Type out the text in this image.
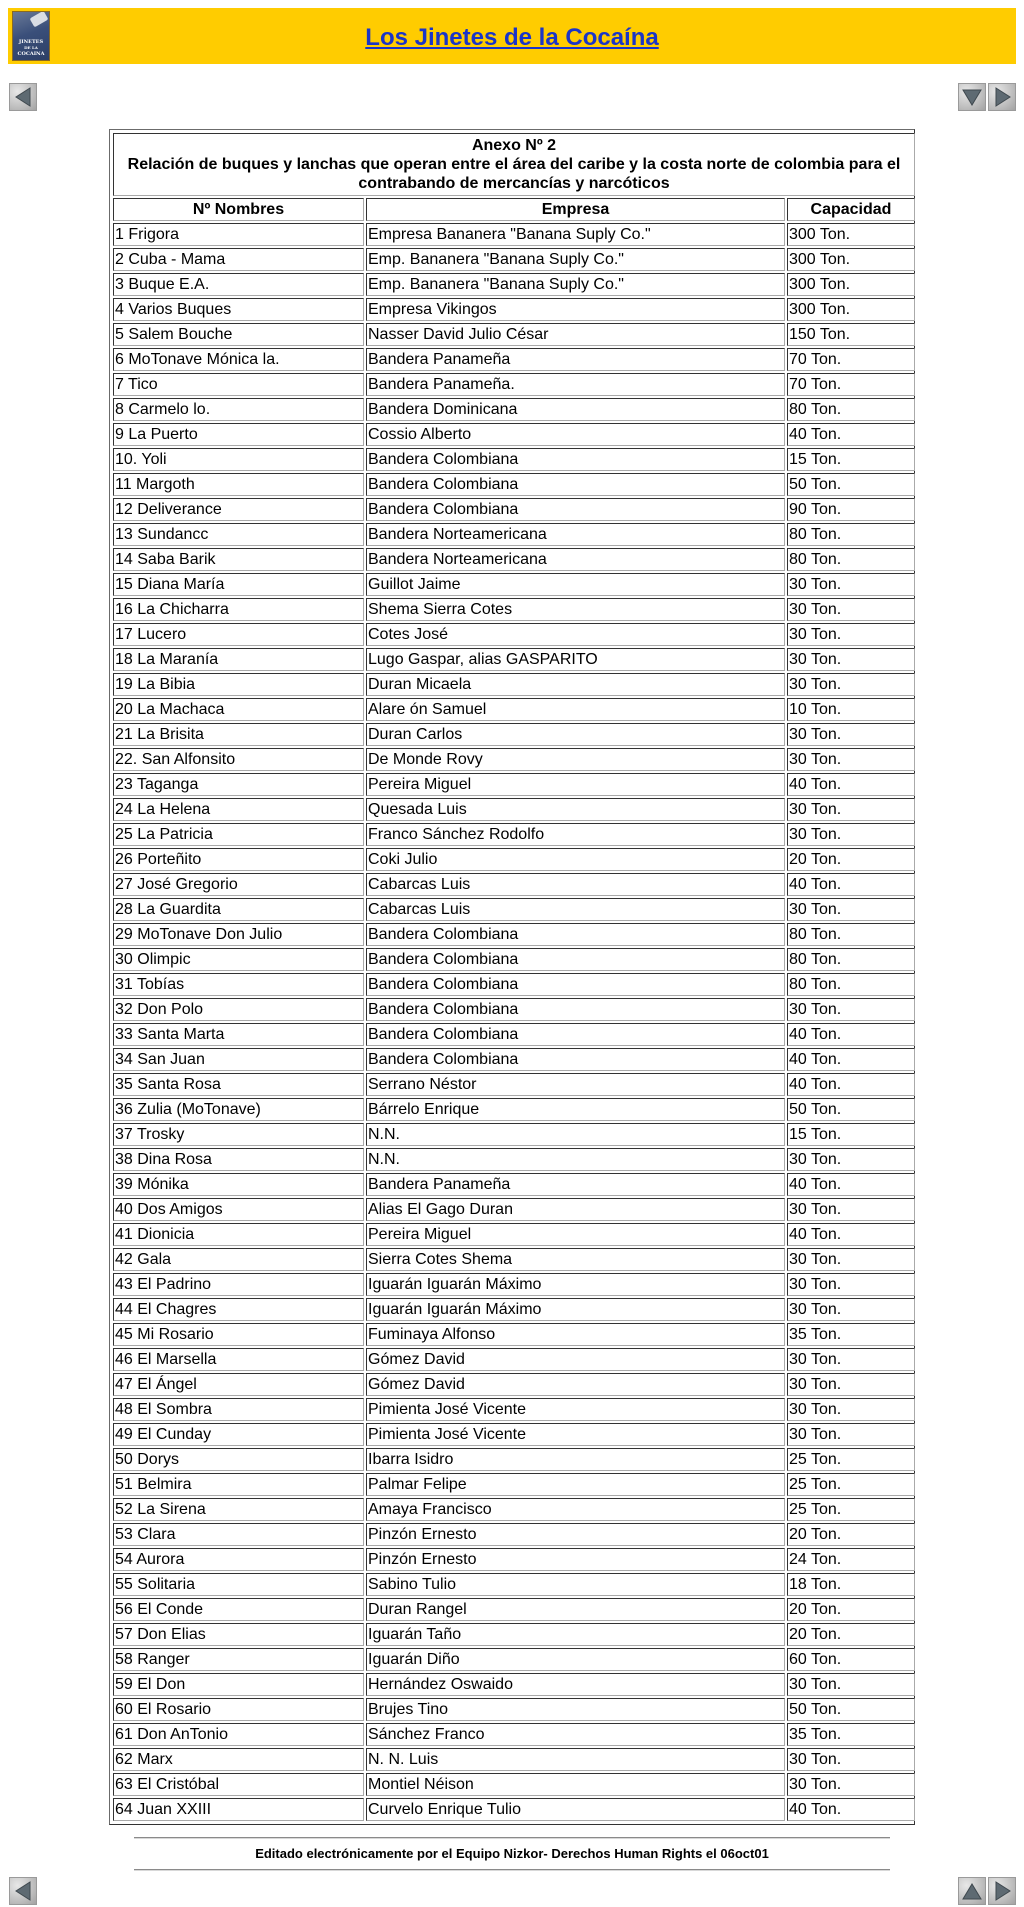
JINETES
DE LA
COCAINA
Los Jinetes de la Cocaína
Anexo Nº 2
Relación de buques y lanchas que operan entre el área del caribe y la costa norte de colombia para el contrabando de mercancías y narcóticos		

Nº Nombres	Empresa	Capacidad
1 Frigora	Empresa Bananera "Banana Suply Co."	300 Ton.
2 Cuba - Mama	Emp. Bananera "Banana Suply Co."	300 Ton.
3 Buque E.A.	Emp. Bananera "Banana Suply Co."	300 Ton.
4 Varios Buques	Empresa Vikingos	300 Ton.
5 Salem Bouche	Nasser David Julio César	150 Ton.
6 MoTonave Mónica la.	Bandera Panameña	70 Ton.
7 Tico	Bandera Panameña.	70 Ton.
8 Carmelo lo.	Bandera Dominicana	80 Ton.
9 La Puerto	Cossio Alberto	40 Ton.
10. Yoli	Bandera Colombiana	15 Ton.
11 Margoth	Bandera Colombiana	50 Ton.
12 Deliverance	Bandera Colombiana	90 Ton.
13 Sundancc	Bandera Norteamericana	80 Ton.
14 Saba Barik	Bandera Norteamericana	80 Ton.
15 Diana María	Guillot Jaime	30 Ton.
16 La Chicharra	Shema Sierra Cotes	30 Ton.
17 Lucero	Cotes José	30 Ton.
18 La Maranía	Lugo Gaspar, alias GASPARITO	30 Ton.
19 La Bibia	Duran Micaela	30 Ton.
20 La Machaca	Alare ón Samuel	10 Ton.
21 La Brisita	Duran Carlos	30 Ton.
22. San Alfonsito	De Monde Rovy	30 Ton.
23 Taganga	Pereira Miguel	40 Ton.
24 La Helena	Quesada Luis	30 Ton.
25 La Patricia	Franco Sánchez Rodolfo	30 Ton.
26 Porteñito	Coki Julio	20 Ton.
27 José Gregorio	Cabarcas Luis	40 Ton.
28 La Guardita	Cabarcas Luis	30 Ton.
29 MoTonave Don Julio	Bandera Colombiana	80 Ton.
30 Olimpic	Bandera Colombiana	80 Ton.
31 Tobías	Bandera Colombiana	80 Ton.
32 Don Polo	Bandera Colombiana	30 Ton.
33 Santa Marta	Bandera Colombiana	40 Ton.
34 San Juan	Bandera Colombiana	40 Ton.
35 Santa Rosa	Serrano Néstor	40 Ton.
36 Zulia (MoTonave)	Bárrelo Enrique	50 Ton.
37 Trosky	N.N.	15 Ton.
38 Dina Rosa	N.N.	30 Ton.
39 Mónika	Bandera Panameña	40 Ton.
40 Dos Amigos	Alias El Gago Duran	30 Ton.
41 Dionicia	Pereira Miguel	40 Ton.
42 Gala	Sierra Cotes Shema	30 Ton.
43 El Padrino	Iguarán Iguarán Máximo	30 Ton.
44 El Chagres	Iguarán Iguarán Máximo	30 Ton.
45 Mi Rosario	Fuminaya Alfonso	35 Ton.
46 El Marsella	Gómez David	30 Ton.
47 El Ángel	Gómez David	30 Ton.
48 El Sombra	Pimienta José Vicente	30 Ton.
49 El Cunday	Pimienta José Vicente	30 Ton.
50 Dorys	Ibarra Isidro	25 Ton.
51 Belmira	Palmar Felipe	25 Ton.
52 La Sirena	Amaya Francisco	25 Ton.
53 Clara	Pinzón Ernesto	20 Ton.
54 Aurora	Pinzón Ernesto	24 Ton.
55 Solitaria	Sabino Tulio	18 Ton.
56 El Conde	Duran Rangel	20 Ton.
57 Don Elias	Iguarán Taño	20 Ton.
58 Ranger	Iguarán Diño	60 Ton.
59 El Don	Hernández Oswaido	30 Ton.
60 El Rosario	Brujes Tino	50 Ton.
61 Don AnTonio	Sánchez Franco	35 Ton.
62 Marx	N. N. Luis	30 Ton.
63 El Cristóbal	Montiel Néison	30 Ton.
64 Juan XXIII	Curvelo Enrique Tulio	40 Ton.
Editado electrónicamente por el Equipo Nizkor- Derechos Human Rights el 06oct01
